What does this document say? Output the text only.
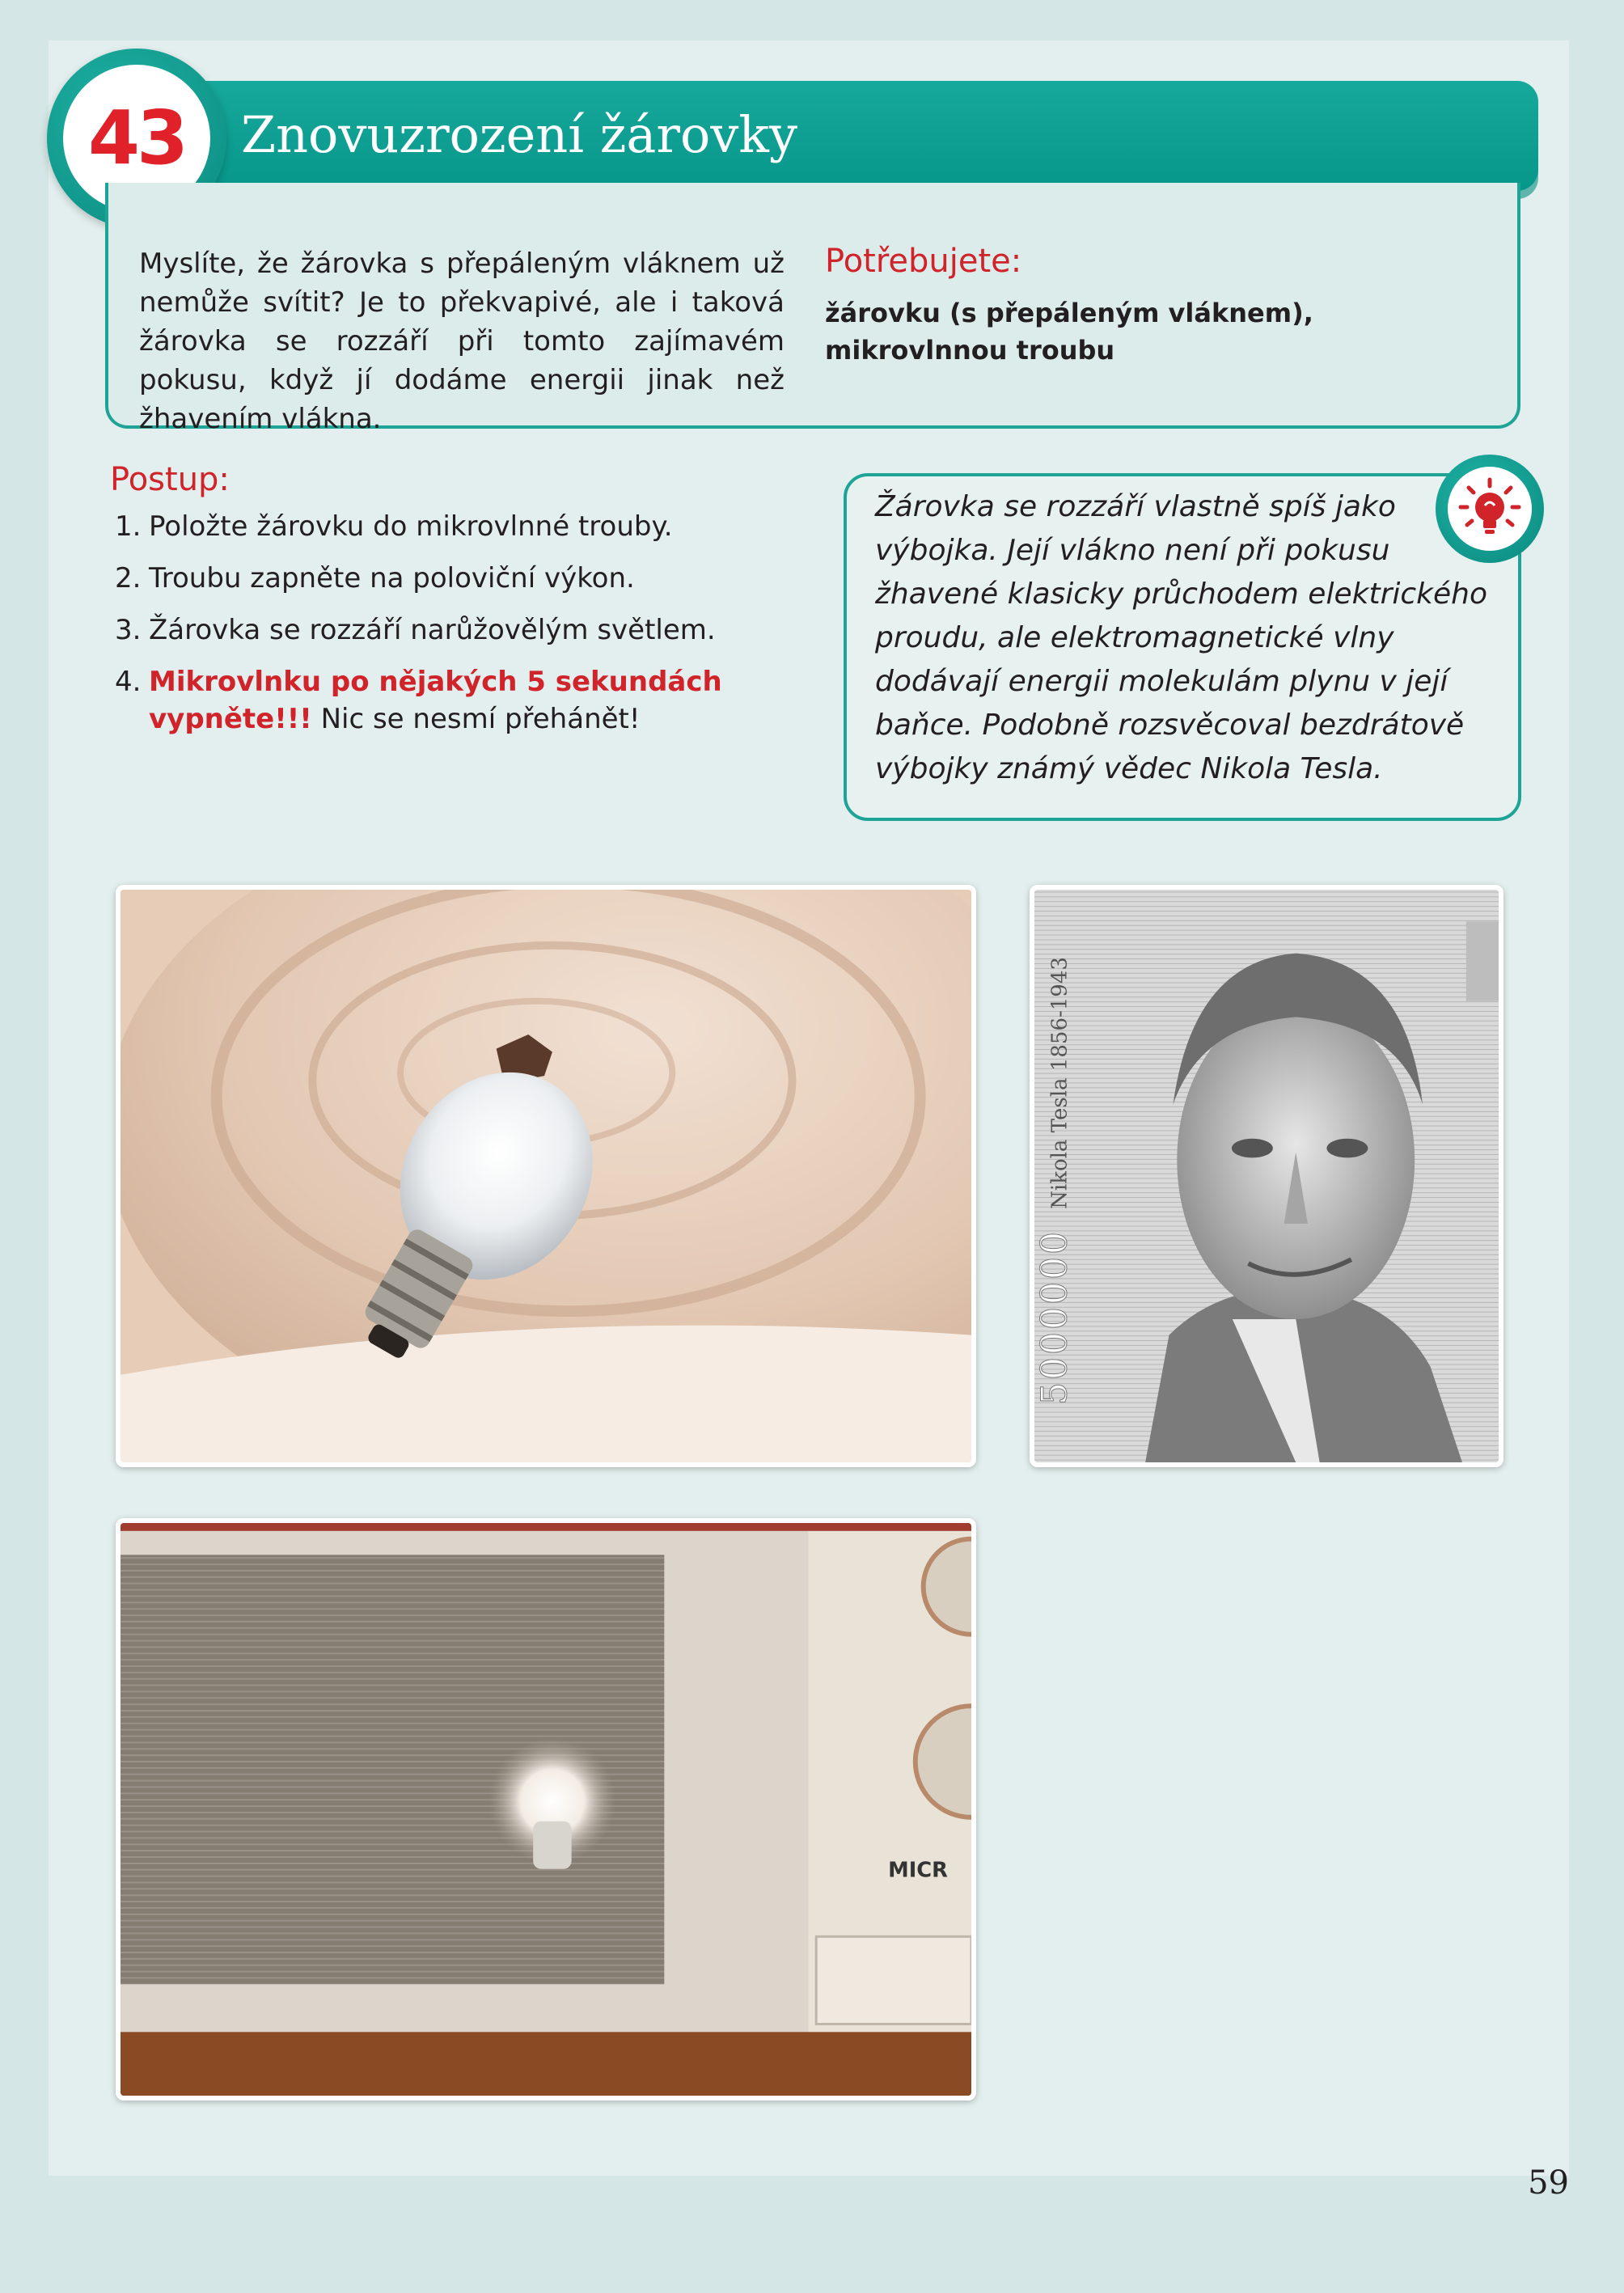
Znovuzrození žárovky
43

Myslíte, že žárovka s přepáleným vláknem už nemůže svítit? Je to překvapivé, ale i taková žárovka se rozzáří při tomto zajímavém pokusu, když jí dodáme energii jinak než žhavením vlákna.

Potřebujete:
žárovku (s přepáleným vláknem), mikrovlnnou troubu
Postup:
1. Položte žárovku do mikrovlnné trouby.
2. Troubu zapněte na poloviční výkon.
3. Žárovka se rozzáří narůžovělým světlem.
4. Mikrovlnku po nějakých 5 sekundách vypněte!!! Nic se nesmí přehánět!

Žárovka se rozzáří vlastně spíš jako výbojka. Její vlákno není při pokusu žhavené klasicky průchodem elektrického proudu, ale elektromagnetické vlny dodávají energii molekulám plynu v její baňce. Podobně rozsvěcoval bezdrátově výbojky známý vědec Nikola Tesla.

5000000 Nikola Tesla 1856-1943
MICR
59
